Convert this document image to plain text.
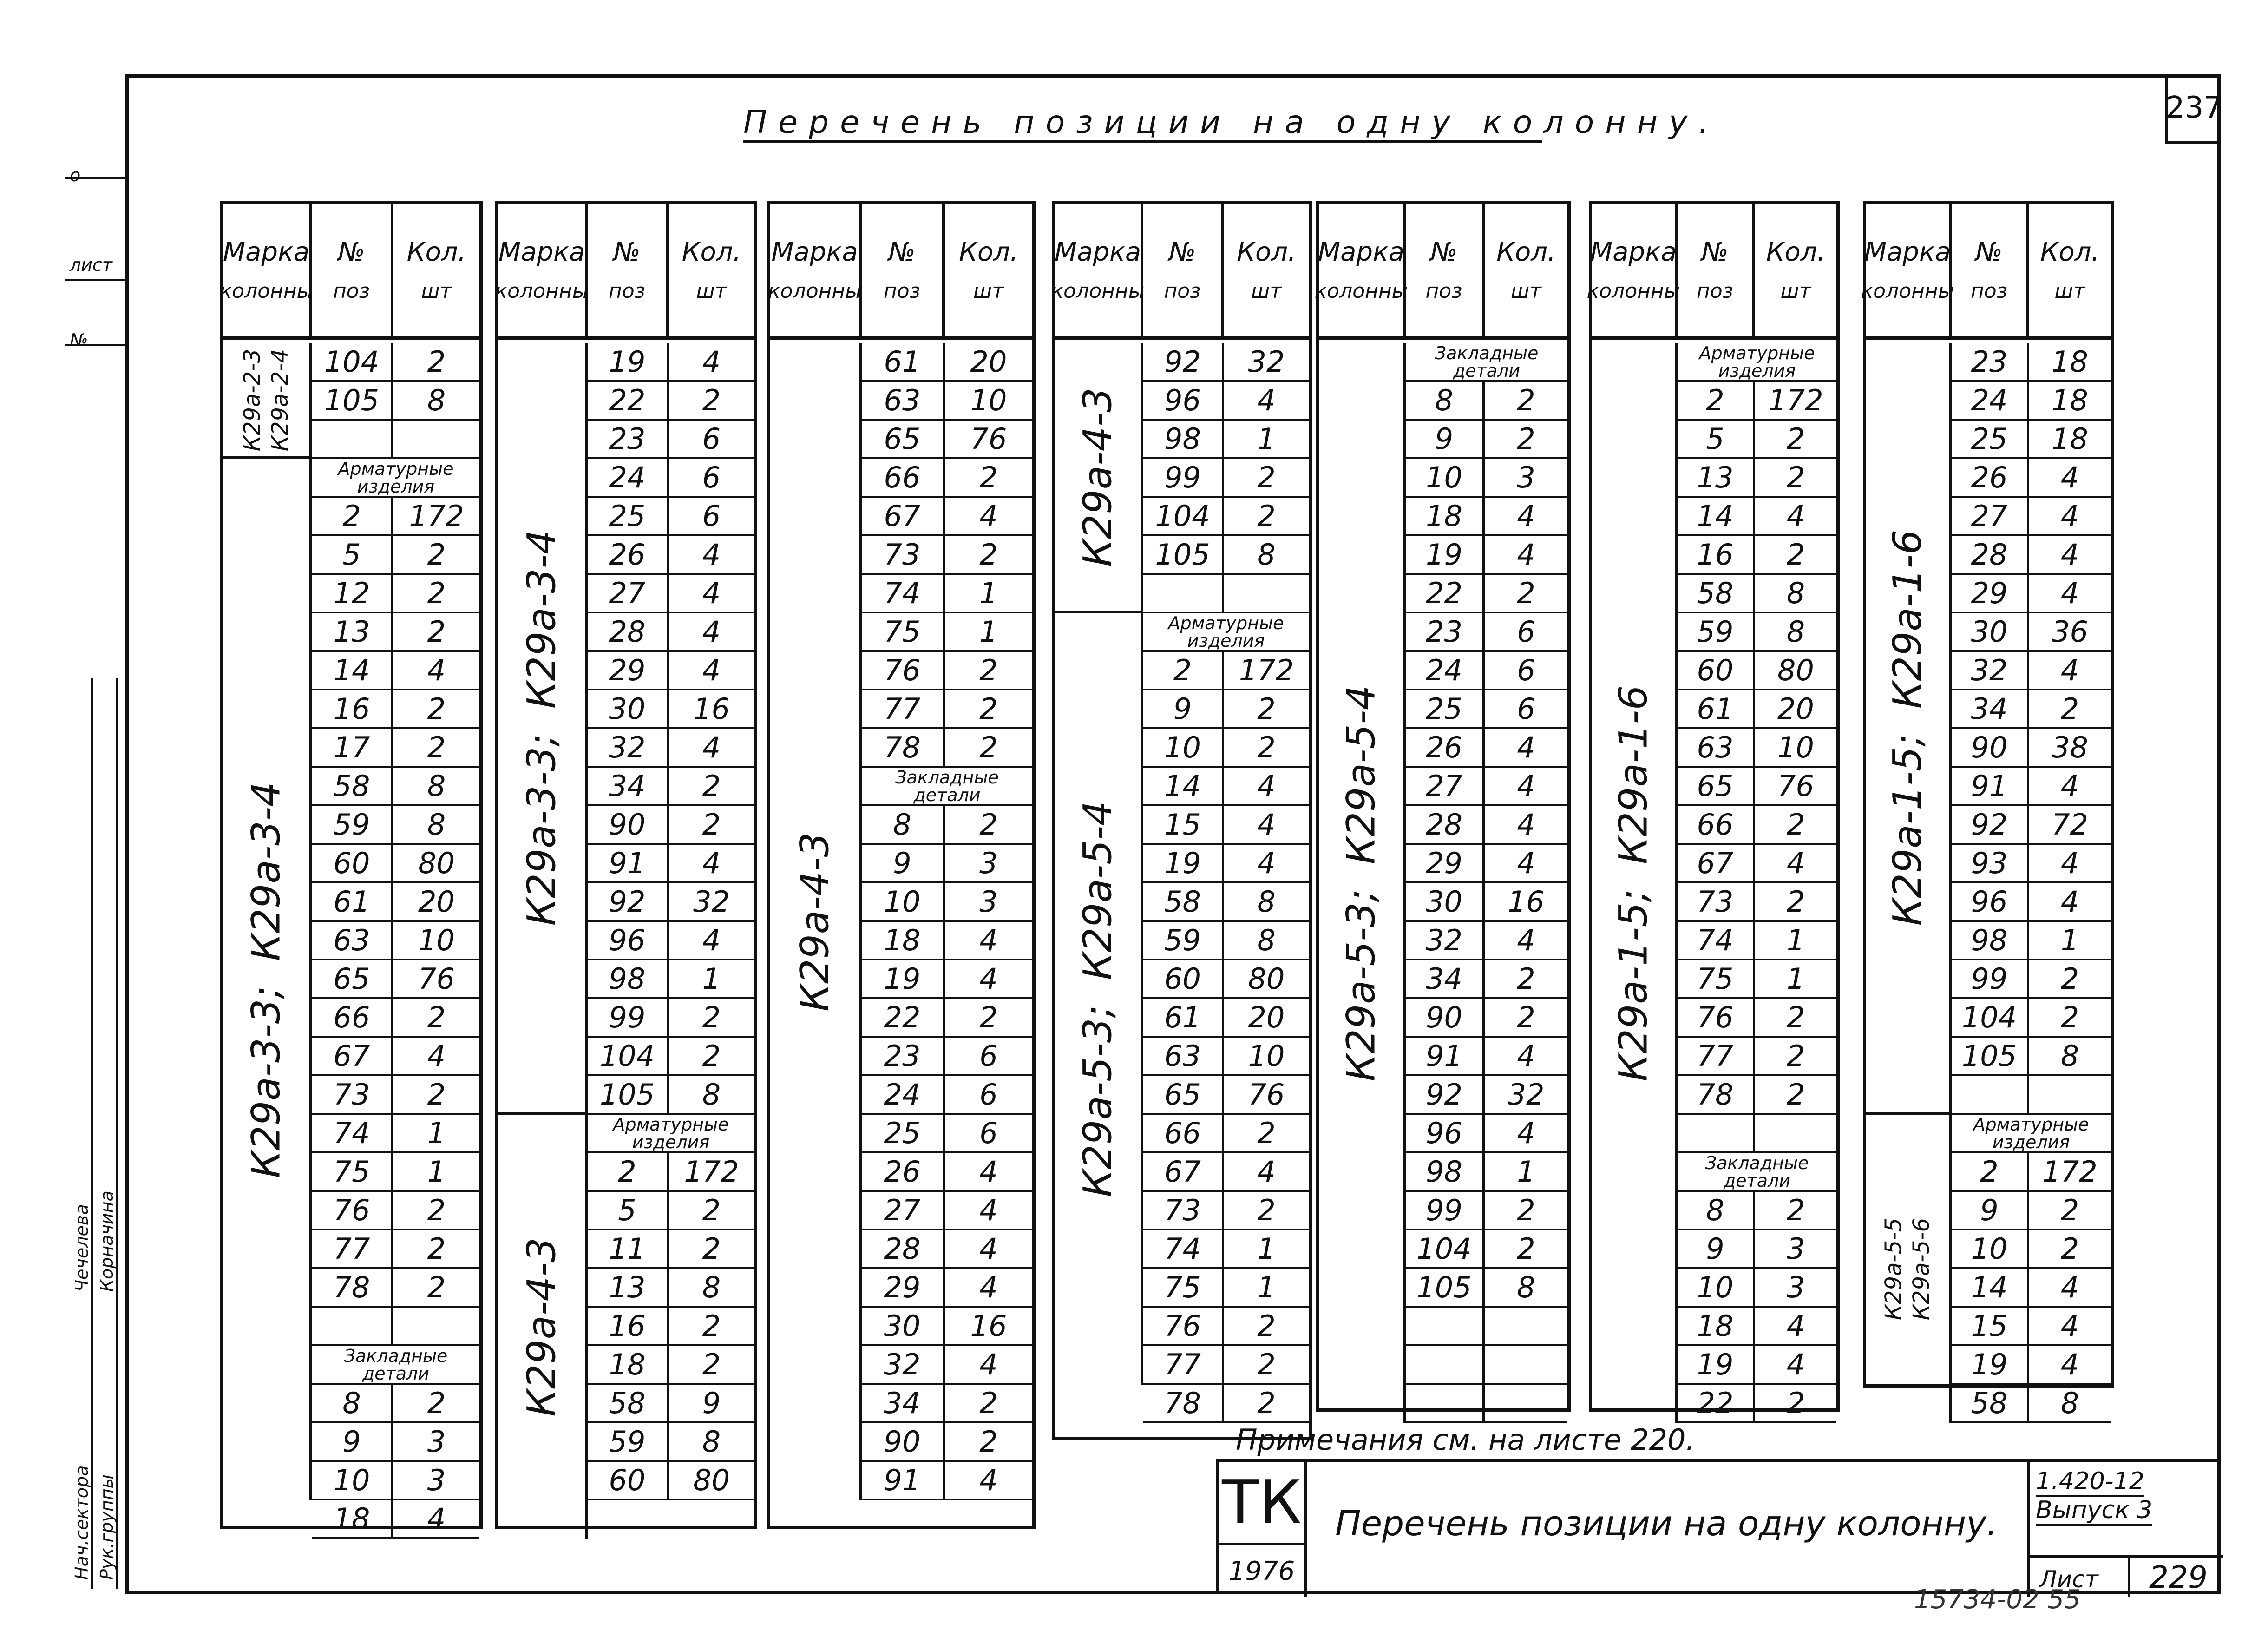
237
Перечень позиции на одну колонну.
о
лист
№
Нач.сектора Рук.группы
Чечелева Корначина
Марка
колонны
№
поз
Кол.
шт
К29а-2-3
К29а-2-4
К29а-3-3;  К29а-3-4
104	2
105	8
Арматурные изделия
2	172
5	2
12	2
13	2
14	4
16	2
17	2
58	8
59	8
60	80
61	20
63	10
65	76
66	2
67	4
73	2
74	1
75	1
76	2
77	2
78	2
Закладные детали
8	2
9	3
10	3
18	4
Марка
колонны
№
поз
Кол.
шт
К29а-3-3;  К29а-3-4
К29а-4-3
19	4
22	2
23	6
24	6
25	6
26	4
27	4
28	4
29	4
30	16
32	4
34	2
90	2
91	4
92	32
96	4
98	1
99	2
104	2
105	8
Арматурные изделия
2	172
5	2
11	2
13	8
16	2
18	2
58	9
59	8
60	80
Марка
колонны
№
поз
Кол.
шт
К29а-4-3
61	20
63	10
65	76
66	2
67	4
73	2
74	1
75	1
76	2
77	2
78	2
Закладные детали
8	2
9	3
10	3
18	4
19	4
22	2
23	6
24	6
25	6
26	4
27	4
28	4
29	4
30	16
32	4
34	2
90	2
91	4
Марка
колонны
№
поз
Кол.
шт
К29а-4-3
К29а-5-3;  К29а-5-4
92	32
96	4
98	1
99	2
104	2
105	8
Арматурные изделия
2	172
9	2
10	2
14	4
15	4
19	4
58	8
59	8
60	80
61	20
63	10
65	76
66	2
67	4
73	2
74	1
75	1
76	2
77	2
78	2
Марка
колонны
№
поз
Кол.
шт
К29а-5-3;  К29а-5-4
Закладные детали
8	2
9	2
10	3
18	4
19	4
22	2
23	6
24	6
25	6
26	4
27	4
28	4
29	4
30	16
32	4
34	2
90	2
91	4
92	32
96	4
98	1
99	2
104	2
105	8
Марка
колонны
№
поз
Кол.
шт
К29а-1-5;  К29а-1-6
Арматурные изделия
2	172
5	2
13	2
14	4
16	2
58	8
59	8
60	80
61	20
63	10
65	76
66	2
67	4
73	2
74	1
75	1
76	2
77	2
78	2
Закладные детали
8	2
9	3
10	3
18	4
19	4
22	2
Марка
колонны
№
поз
Кол.
шт
К29а-1-5;  К29а-1-6
К29а-5-5
К29а-5-6
23	18
24	18
25	18
26	4
27	4
28	4
29	4
30	36
32	4
34	2
90	38
91	4
92	72
93	4
96	4
98	1
99	2
104	2
105	8
Арматурные изделия
2	172
9	2
10	2
14	4
15	4
19	4
58	8
Примечания см. на листе 220.
ТК
1976
Перечень позиции на одну колонну.
1.420-12
Выпуск 3
Лист	229
15734-02 55
